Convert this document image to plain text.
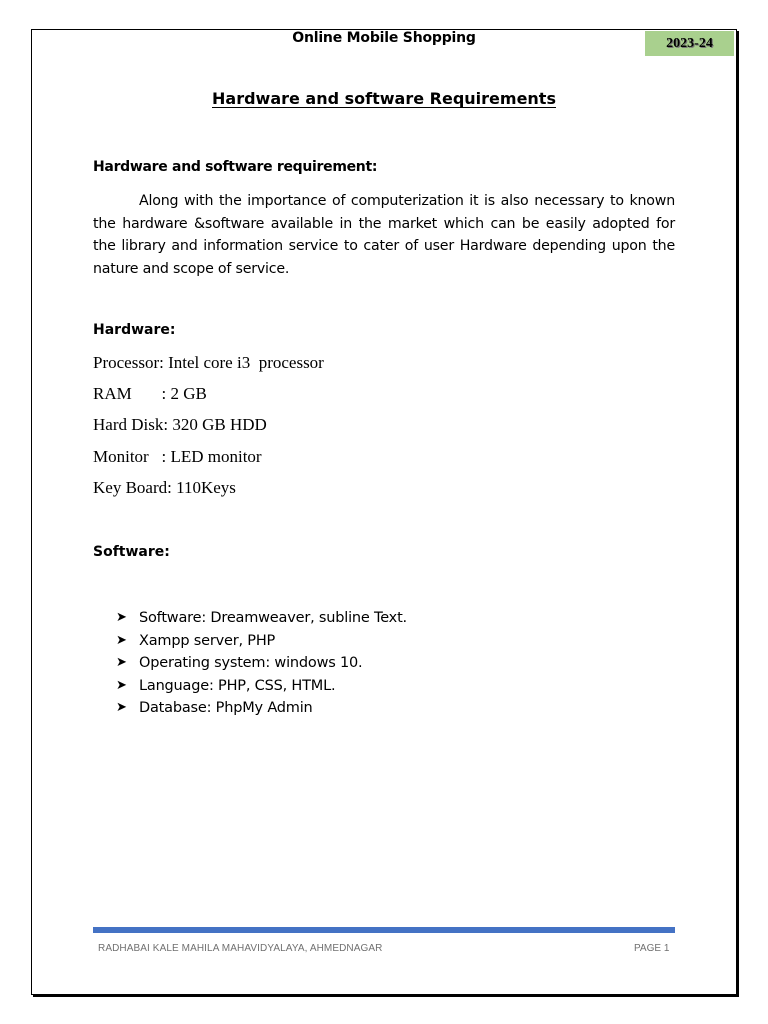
Online Mobile Shopping	2023-24
Hardware and software Requirements
Hardware and software requirement:

Along with the importance of computerization it is also necessary to known the hardware &software available in the market which can be easily adopted for the library and information service to cater of user Hardware depending upon the nature and scope of service.

Hardware:
Processor: Intel core i3  processor
RAM       : 2 GB
Hard Disk: 320 GB HDD
Monitor   : LED monitor
Key Board: 110Keys
Software:
➤ Software: Dreamweaver, subline Text.
➤ Xampp server, PHP
➤ Operating system: windows 10.
➤ Language: PHP, CSS, HTML.
➤ Database: PhpMy Admin
RADHABAI KALE MAHILA MAHAVIDYALAYA, AHMEDNAGAR	PAGE 1
